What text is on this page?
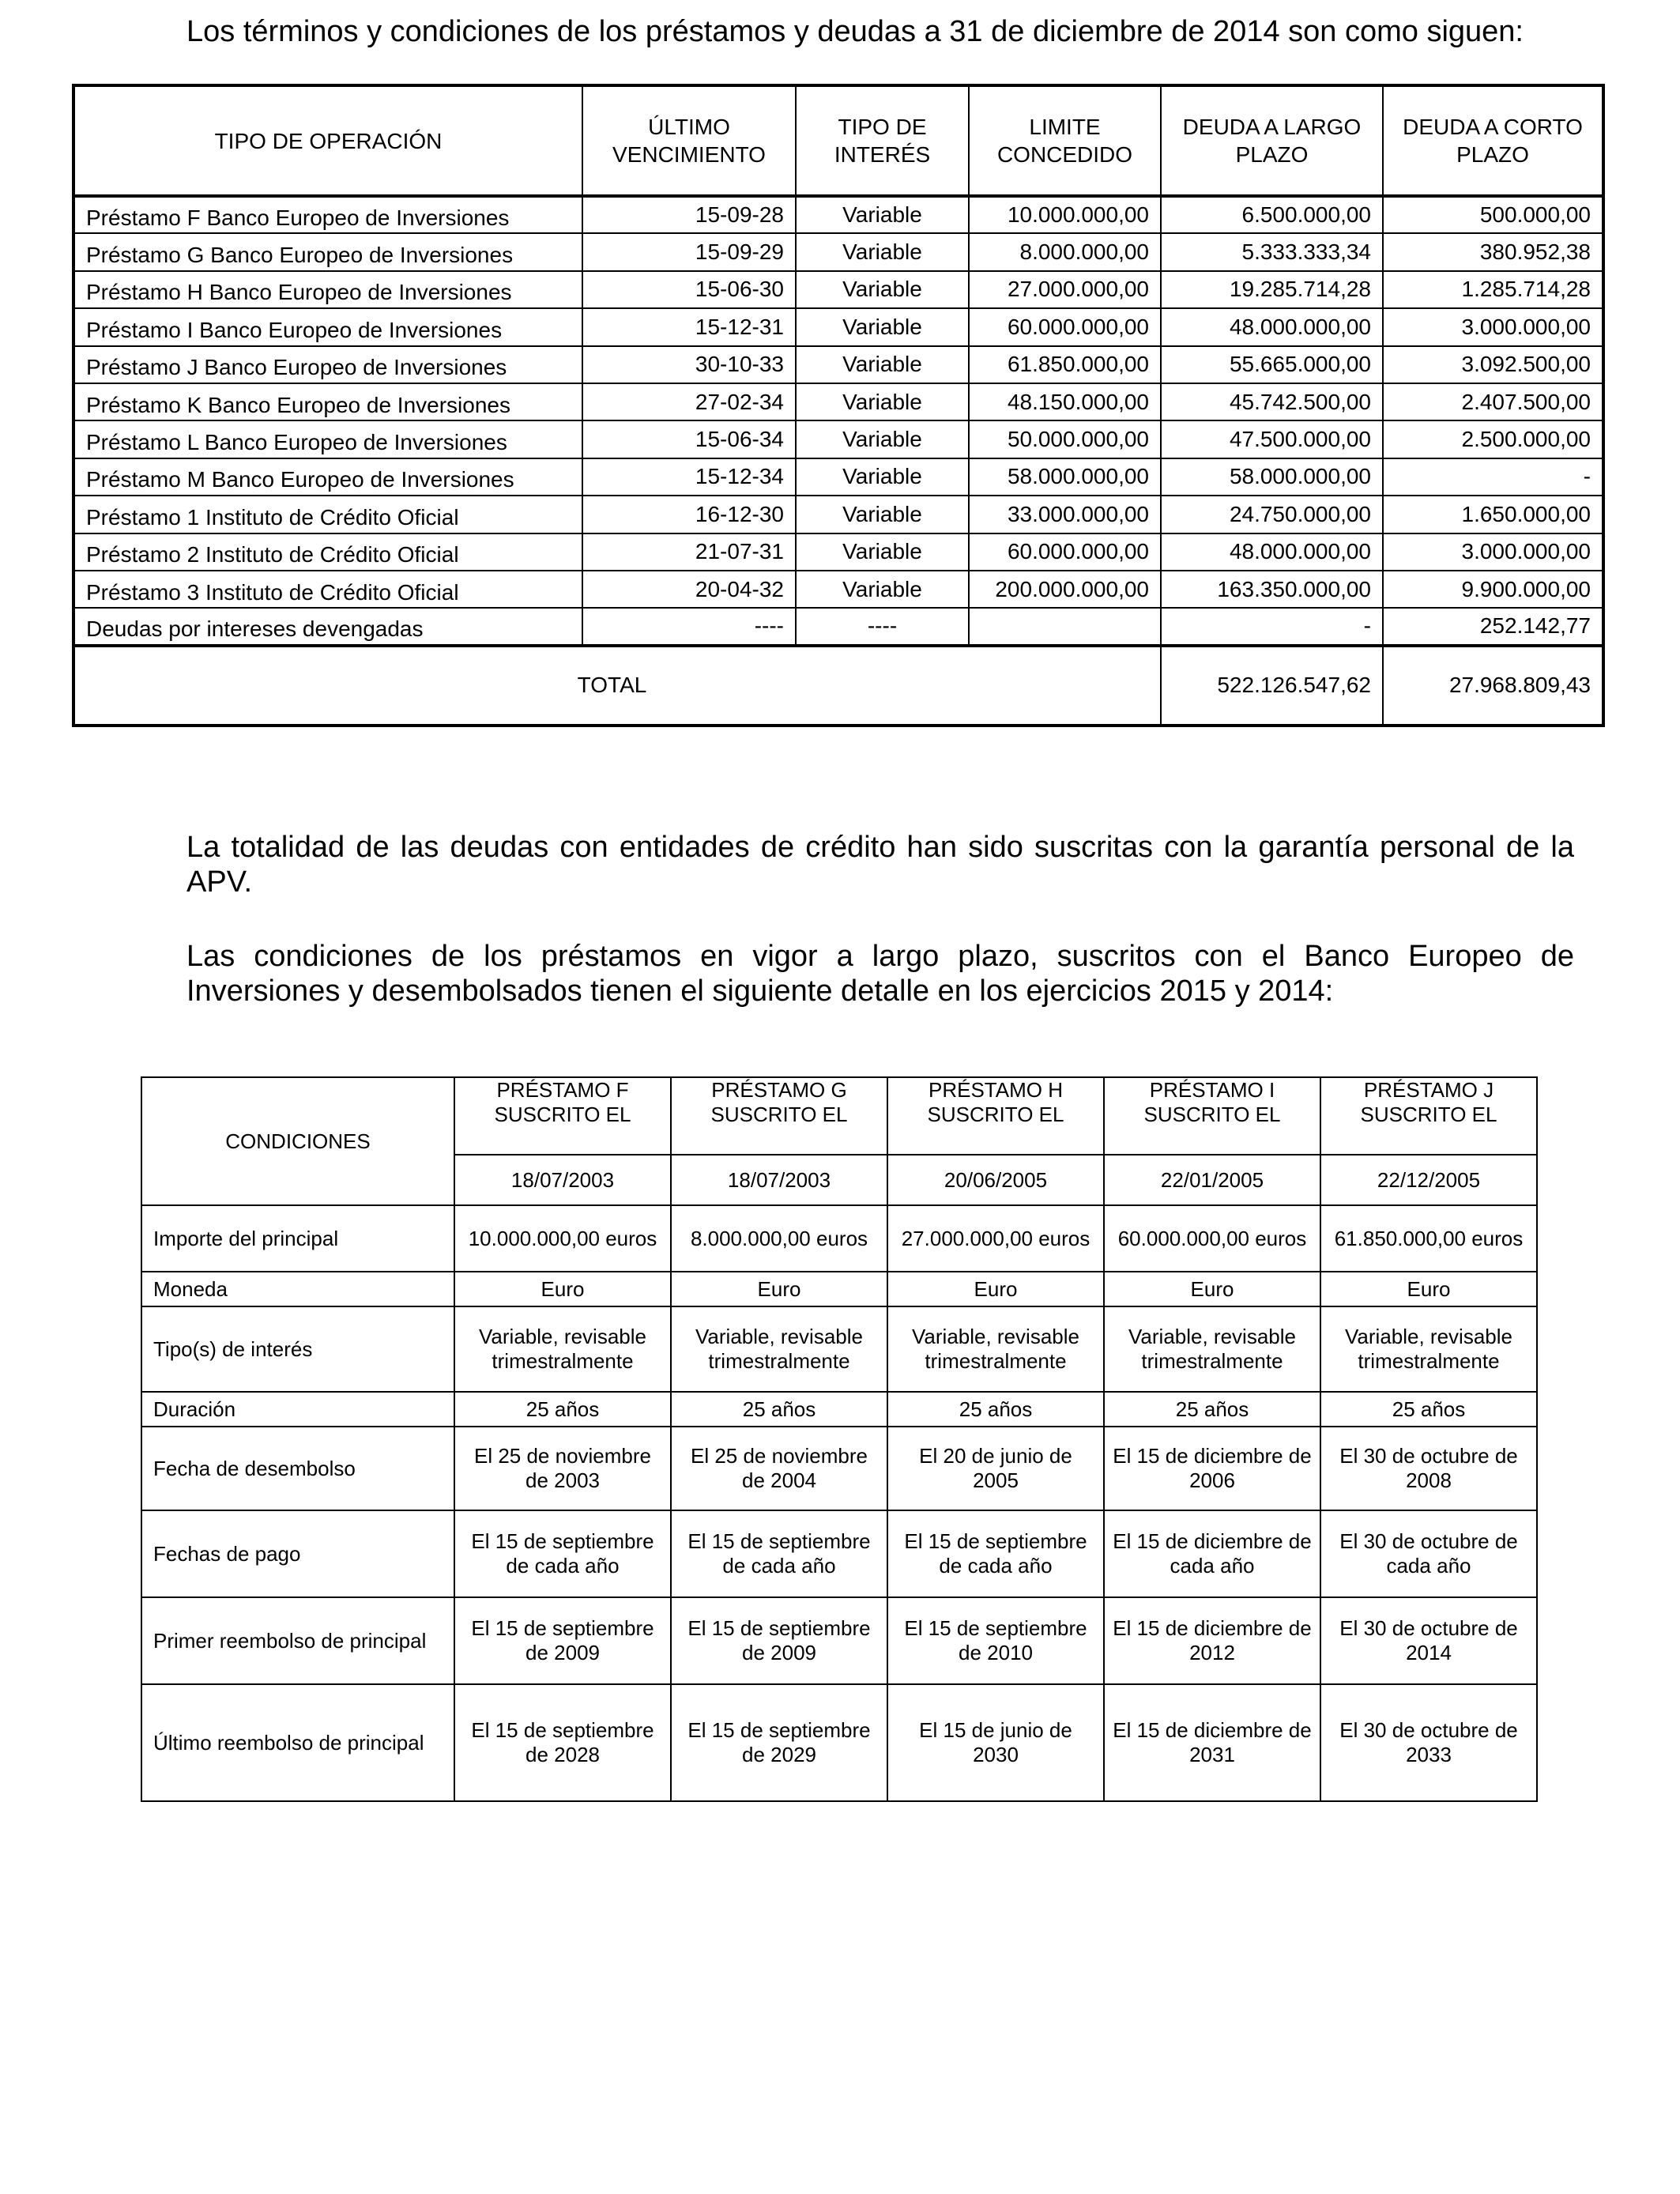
Los términos y condiciones de los préstamos y deudas a 31 de diciembre de 2014 son como siguen:
TIPO DE OPERACIÓN	ÚLTIMO VENCIMIENTO	TIPO DE INTERÉS	LIMITE CONCEDIDO	DEUDA A LARGO PLAZO	DEUDA A CORTO PLAZO
Préstamo F Banco Europeo de Inversiones	15-09-28	Variable	10.000.000,00	6.500.000,00	500.000,00
Préstamo G Banco Europeo de Inversiones	15-09-29	Variable	8.000.000,00	5.333.333,34	380.952,38
Préstamo H Banco Europeo de Inversiones	15-06-30	Variable	27.000.000,00	19.285.714,28	1.285.714,28
Préstamo I Banco Europeo de Inversiones	15-12-31	Variable	60.000.000,00	48.000.000,00	3.000.000,00
Préstamo J Banco Europeo de Inversiones	30-10-33	Variable	61.850.000,00	55.665.000,00	3.092.500,00
Préstamo K Banco Europeo de Inversiones	27-02-34	Variable	48.150.000,00	45.742.500,00	2.407.500,00
Préstamo L Banco Europeo de Inversiones	15-06-34	Variable	50.000.000,00	47.500.000,00	2.500.000,00
Préstamo M Banco Europeo de Inversiones	15-12-34	Variable	58.000.000,00	58.000.000,00	-
Préstamo 1 Instituto de Crédito Oficial	16-12-30	Variable	33.000.000,00	24.750.000,00	1.650.000,00
Préstamo 2 Instituto de Crédito Oficial	21-07-31	Variable	60.000.000,00	48.000.000,00	3.000.000,00
Préstamo 3 Instituto de Crédito Oficial	20-04-32	Variable	200.000.000,00	163.350.000,00	9.900.000,00
Deudas por intereses devengadas	----	----		-	252.142,77
TOTAL				522.126.547,62	27.968.809,43
La totalidad de las deudas con entidades de crédito han sido suscritas con la garantía personal de la APV.
Las condiciones de los préstamos en vigor a largo plazo, suscritos con el Banco Europeo de Inversiones y desembolsados tienen el siguiente detalle en los ejercicios 2015 y 2014:
CONDICIONES	PRÉSTAMO F SUSCRITO EL	PRÉSTAMO G SUSCRITO EL	PRÉSTAMO H SUSCRITO EL	PRÉSTAMO I SUSCRITO EL	PRÉSTAMO J SUSCRITO EL
	18/07/2003	18/07/2003	20/06/2005	22/01/2005	22/12/2005
Importe del principal	10.000.000,00 euros	8.000.000,00 euros	27.000.000,00 euros	60.000.000,00 euros	61.850.000,00 euros
Moneda	Euro	Euro	Euro	Euro	Euro
Tipo(s) de interés	Variable, revisable trimestralmente	Variable, revisable trimestralmente	Variable, revisable trimestralmente	Variable, revisable trimestralmente	Variable, revisable trimestralmente
Duración	25 años	25 años	25 años	25 años	25 años
Fecha de desembolso	El 25 de noviembre de 2003	El 25 de noviembre de 2004	El 20 de junio de 2005	El 15 de diciembre de 2006	El 30 de octubre de 2008
Fechas de pago	El 15 de septiembre de cada año	El 15 de septiembre de cada año	El 15 de septiembre de cada año	El 15 de diciembre de cada año	El 30 de octubre de cada año
Primer reembolso de principal	El 15 de septiembre de 2009	El 15 de septiembre de 2009	El 15 de septiembre de 2010	El 15 de diciembre de 2012	El 30 de octubre de 2014
Último reembolso de principal	El 15 de septiembre de 2028	El 15 de septiembre de 2029	El 15 de junio de 2030	El 15 de diciembre de 2031	El 30 de octubre de 2033
